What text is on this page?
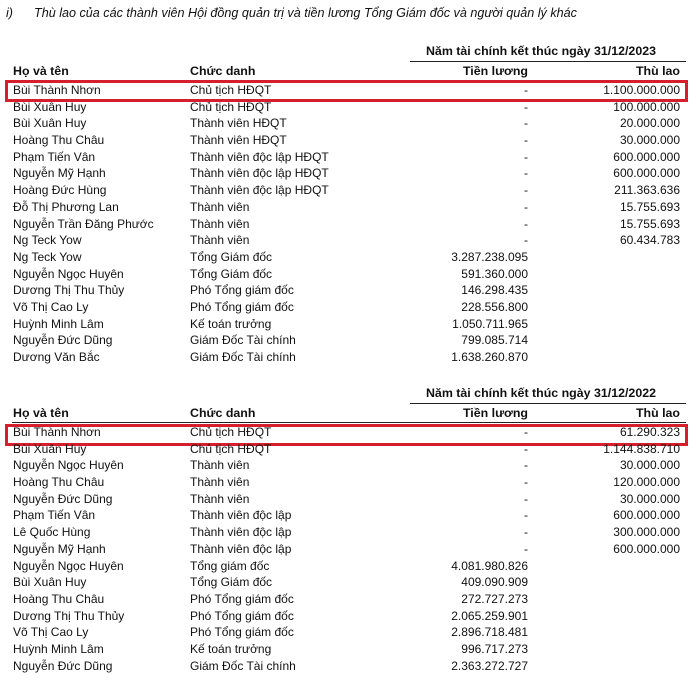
i) Thù lao của các thành viên Hội đồng quản trị và tiền lương Tổng Giám đốc và người quản lý khác
Năm tài chính kết thúc ngày 31/12/2023
Họ và tên	Chức danh	Tiền lương	Thù lao
Bùi Thành Nhơn	Chủ tịch HĐQT	-	1.100.000.000
Bùi Xuân Huy	Chủ tịch HĐQT	-	100.000.000
Bùi Xuân Huy	Thành viên HĐQT	-	20.000.000
Hoàng Thu Châu	Thành viên HĐQT	-	30.000.000
Phạm Tiến Vân	Thành viên độc lập HĐQT	-	600.000.000
Nguyễn Mỹ Hạnh	Thành viên độc lập HĐQT	-	600.000.000
Hoàng Đức Hùng	Thành viên độc lập HĐQT	-	211.363.636
Đỗ Thị Phương Lan	Thành viên	-	15.755.693
Nguyễn Trần Đăng Phước	Thành viên	-	15.755.693
Ng Teck Yow	Thành viên	-	60.434.783
Ng Teck Yow	Tổng Giám đốc	3.287.238.095
Nguyễn Ngọc Huyên	Tổng Giám đốc	591.360.000
Dương Thị Thu Thủy	Phó Tổng giám đốc	146.298.435
Võ Thị Cao Ly	Phó Tổng giám đốc	228.556.800
Huỳnh Minh Lâm	Kế toán trưởng	1.050.711.965
Nguyễn Đức Dũng	Giám Đốc Tài chính	799.085.714
Dương Văn Bắc	Giám Đốc Tài chính	1.638.260.870
Năm tài chính kết thúc ngày 31/12/2022
Họ và tên	Chức danh	Tiền lương	Thù lao
Bùi Thành Nhơn	Chủ tịch HĐQT	-	61.290.323
Bùi Xuân Huy	Chủ tịch HĐQT	-	1.144.838.710
Nguyễn Ngọc Huyên	Thành viên	-	30.000.000
Hoàng Thu Châu	Thành viên	-	120.000.000
Nguyễn Đức Dũng	Thành viên	-	30.000.000
Phạm Tiến Vân	Thành viên độc lập	-	600.000.000
Lê Quốc Hùng	Thành viên độc lập	-	300.000.000
Nguyễn Mỹ Hạnh	Thành viên độc lập	-	600.000.000
Nguyễn Ngọc Huyên	Tổng giám đốc	4.081.980.826
Bùi Xuân Huy	Tổng Giám đốc	409.090.909
Hoàng Thu Châu	Phó Tổng giám đốc	272.727.273
Dương Thị Thu Thủy	Phó Tổng giám đốc	2.065.259.901
Võ Thị Cao Ly	Phó Tổng giám đốc	2.896.718.481
Huỳnh Minh Lâm	Kế toán trưởng	996.717.273
Nguyễn Đức Dũng	Giám Đốc Tài chính	2.363.272.727
